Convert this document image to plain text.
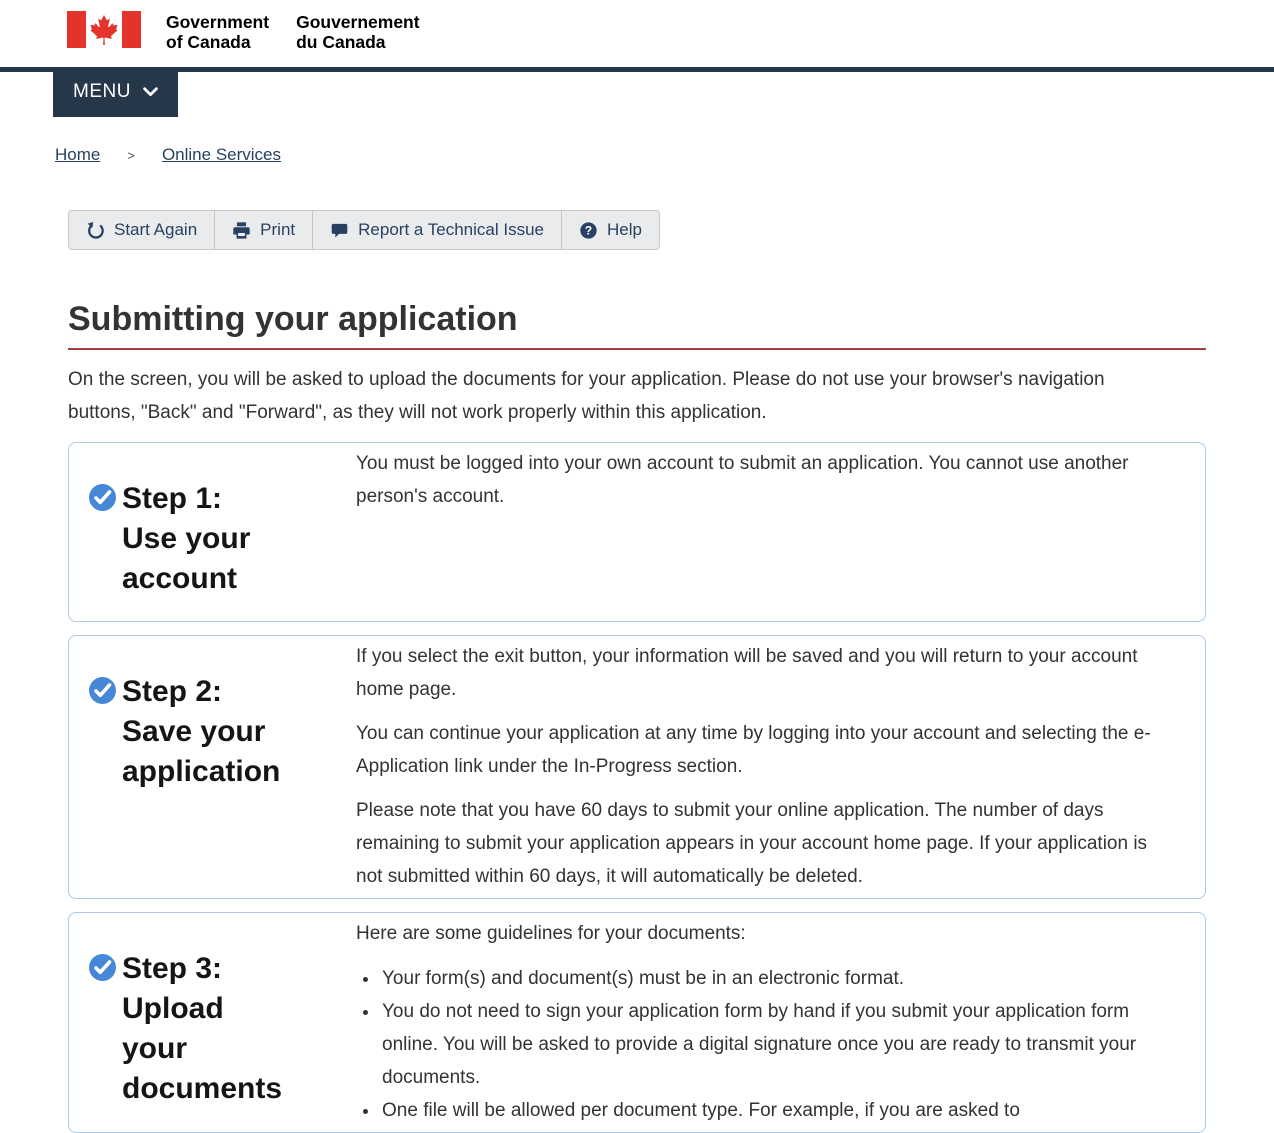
Government
of Canada
Gouvernement
du Canada
MENU
Home > Online Services
Start Again	Print	Report a Technical Issue	? Help
Submitting your application

On the screen, you will be asked to upload the documents for your application. Please do not use your browser's navigation buttons, "Back" and "Forward", as they will not work properly within this application.

Step 1:
Use your
account

You must be logged into your own account to submit an application. You cannot use another person's account.

Step 2:
Save your
application

If you select the exit button, your information will be saved and you will return to your account home page.

You can continue your application at any time by logging into your account and selecting the e-Application link under the In-Progress section.

Please note that you have 60 days to submit your online application. The number of days remaining to submit your application appears in your account home page. If your application is not submitted within 60 days, it will automatically be deleted.

Step 3:
Upload
your
documents

Here are some guidelines for your documents:

• Your form(s) and document(s) must be in an electronic format.
• You do not need to sign your application form by hand if you submit your application form online. You will be asked to provide a digital signature once you are ready to transmit your documents.
• One file will be allowed per document type. For example, if you are asked to
